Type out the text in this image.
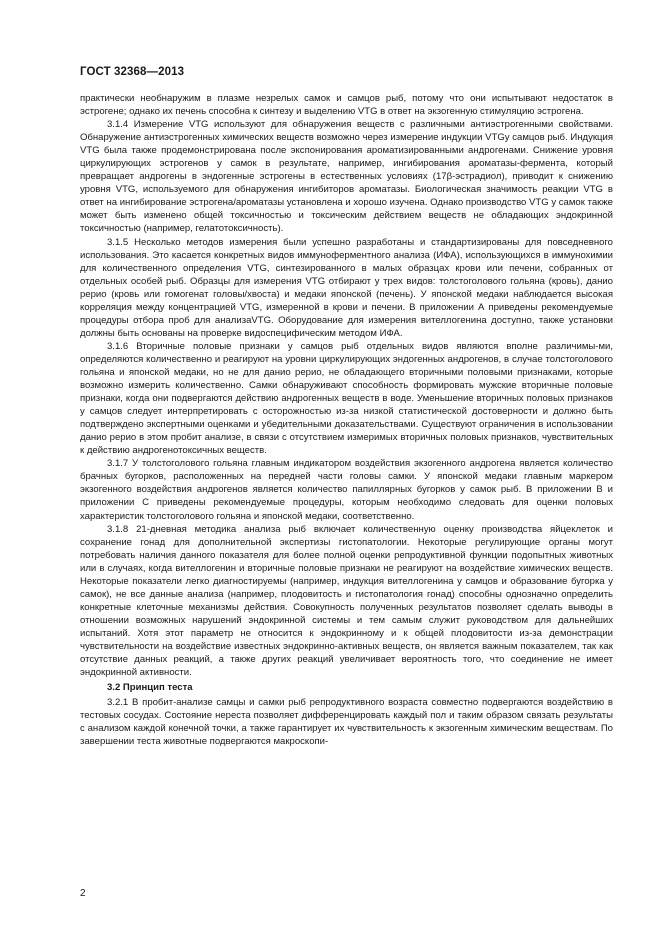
ГОСТ 32368—2013

практически необнаружим в плазме незрелых самок и самцов рыб, потому что они испытывают недостаток в эстрогене; однако их печень способна к синтезу и выделению VTG в ответ на экзогенную стимуляцию эстрогена.

3.1.4 Измерение VTG используют для обнаружения веществ с различными антиэстрогенными свойствами. Обнаружение антиэстрогенных химических веществ возможно через измерение индукции VTGу самцов рыб. Индукция VTG была также продемонстрирована после экспонирования ароматизированными андрогенами. Снижение уровня циркулирующих эстрогенов у самок в результате, например, ингибирования ароматазы-фермента, который превращает андрогены в эндогенные эстрогены в естественных условиях (17β-эстрадиол), приводит к снижению уровня VTG, используемого для обнаружения ингибиторов ароматазы. Биологическая значимость реакции VTG в ответ на ингибирование эстрогена/ароматазы установлена и хорошо изучена. Однако производство VTG у самок также может быть изменено общей токсичностью и токсическим действием веществ не обладающих эндокринной токсичностью (например, гелатотоксичность).

3.1.5 Несколько методов измерения были успешно разработаны и стандартизированы для повседневного использования. Это касается конкретных видов иммуноферментного анализа (ИФА), использующихся в иммунохимии для количественного определения VTG, синтезированного в малых образцах крови или печени, собранных от отдельных особей рыб. Образцы для измерения VTG отбирают у трех видов: толстоголового гольяна (кровь), данио рерио (кровь или гомогенат головы/хвоста) и медаки японской (печень). У японской медаки наблюдается высокая корреляция между концентрацией VTG, измеренной в крови и печени. В приложении А приведены рекомендуемые процедуры отбора проб для анализаVTG. Оборудование для измерения вителлогенина доступно, также установки должны быть основаны на проверке видоспецифическим методом ИФА.

3.1.6 Вторичные половые признаки у самцов рыб отдельных видов являются вполне различимы-ми, определяются количественно и реагируют на уровни циркулирующих эндогенных андрогенов, в случае толстоголового гольяна и японской медаки, но не для данио рерио, не обладающего вторичными половыми признаками, которые возможно измерить количественно. Самки обнаруживают способность формировать мужские вторичные половые признаки, когда они подвергаются действию андрогенных веществ в воде. Уменьшение вторичных половых признаков у самцов следует интерпретировать с осторожностью из-за низкой статистической достоверности и должно быть подтверждено экспертными оценками и убедительными доказательствами. Существуют ограничения в использовании данио рерио в этом пробит анализе, в связи с отсутствием измеримых вторичных половых признаков, чувствительных к действию андрогенотоксичных веществ.

3.1.7 У толстоголового гольяна главным индикатором воздействия экзогенного андрогена является количество брачных бугорков, расположенных на передней части головы самки. У японской медаки главным маркером экзогенного воздействия андрогенов является количество папиллярных бугорков у самок рыб. В приложении В и приложении С приведены рекомендуемые процедуры, которым необходимо следовать для оценки половых характеристик толстоголового гольяна и японской медаки, соответственно.

3.1.8 21-дневная методика анализа рыб включает количественную оценку производства яйцеклеток и сохранение гонад для дополнительной экспертизы гистопатологии. Некоторые регулирующие органы могут потребовать наличия данного показателя для более полной оценки репродуктивной функции подопытных животных или в случаях, когда вителлогенин и вторичные половые признаки не реагируют на воздействие химических веществ. Некоторые показатели легко диагностируемы (например, индукция вителлогенина у самцов и образование бугорка у самок), не все данные анализа (например, плодовитость и гистопатология гонад) способны однозначно определить конкретные клеточные механизмы действия. Совокупность полученных результатов позволяет сделать выводы в отношении возможных нарушений эндокринной системы и тем самым служит руководством для дальнейших испытаний. Хотя этот параметр не относится к эндокринному и к общей плодовитости из-за демонстрации чувствительности на воздействие известных эндокринно-активных веществ, он является важным показателем, так как отсутствие данных реакций, а также других реакций увеличивает вероятность того, что соединение не имеет эндокринной активности.

3.2 Принцип теста

3.2.1 В пробит-анализе самцы и самки рыб репродуктивного возраста совместно подвергаются воздействию в тестовых сосудах. Состояние нереста позволяет дифференцировать каждый пол и таким образом связать результаты с анализом каждой конечной точки, а также гарантирует их чувствительность к экзогенным химическим веществам. По завершении теста животные подвергаются макроскопи-

2
